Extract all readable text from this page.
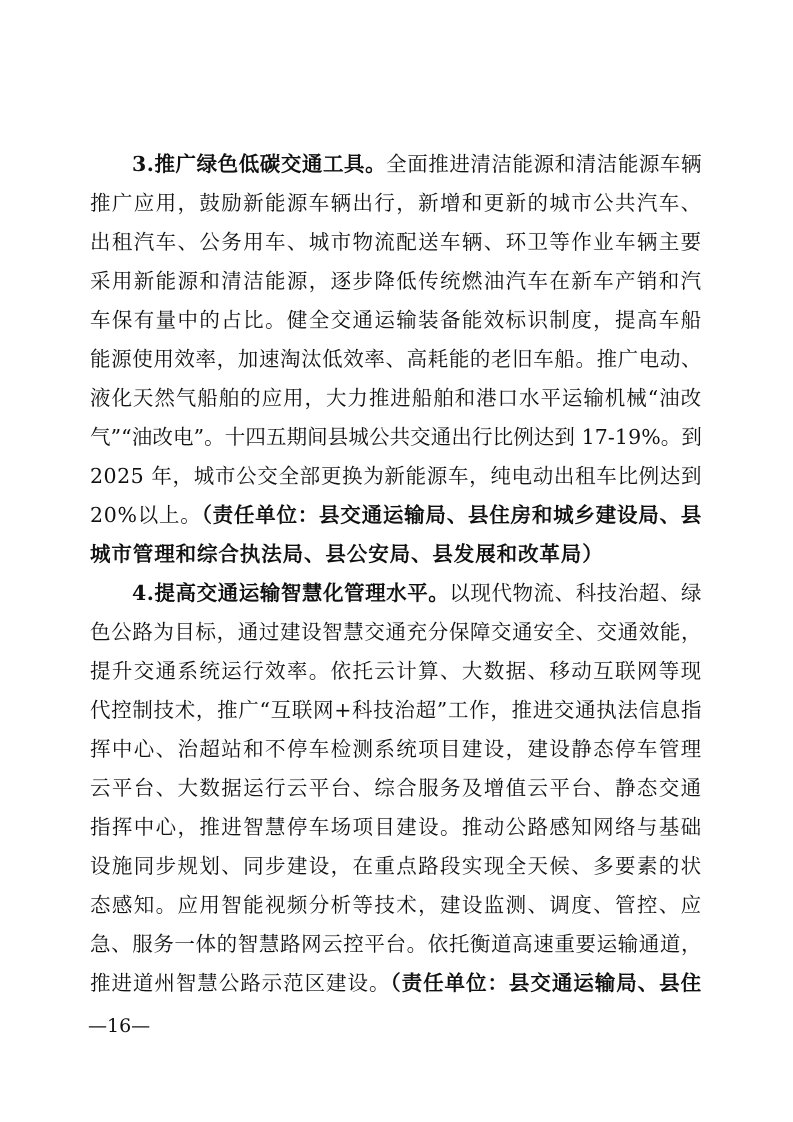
3.推广绿色低碳交通工具。全面推进清洁能源和清洁能源车辆
推广应用，鼓励新能源车辆出行，新增和更新的城市公共汽车、
出租汽车、公务用车、城市物流配送车辆、环卫等作业车辆主要
采用新能源和清洁能源，逐步降低传统燃油汽车在新车产销和汽
车保有量中的占比。健全交通运输装备能效标识制度，提高车船
能源使用效率，加速淘汰低效率、高耗能的老旧车船。推广电动、
液化天然气船舶的应用，大力推进船舶和港口水平运输机械“油改
气”“油改电”。十四五期间县城公共交通出行比例达到 17-19%。到
2025 年，城市公交全部更换为新能源车，纯电动出租车比例达到
20%以上。（责任单位：县交通运输局、县住房和城乡建设局、县
城市管理和综合执法局、县公安局、县发展和改革局）
4.提高交通运输智慧化管理水平。以现代物流、科技治超、绿
色公路为目标，通过建设智慧交通充分保障交通安全、交通效能，
提升交通系统运行效率。依托云计算、大数据、移动互联网等现
代控制技术，推广“互联网+科技治超”工作，推进交通执法信息指
挥中心、治超站和不停车检测系统项目建设，建设静态停车管理
云平台、大数据运行云平台、综合服务及增值云平台、静态交通
指挥中心，推进智慧停车场项目建设。推动公路感知网络与基础
设施同步规划、同步建设，在重点路段实现全天候、多要素的状
态感知。应用智能视频分析等技术，建设监测、调度、管控、应
急、服务一体的智慧路网云控平台。依托衡道高速重要运输通道，
推进道州智慧公路示范区建设。（责任单位：县交通运输局、县住
—16—
